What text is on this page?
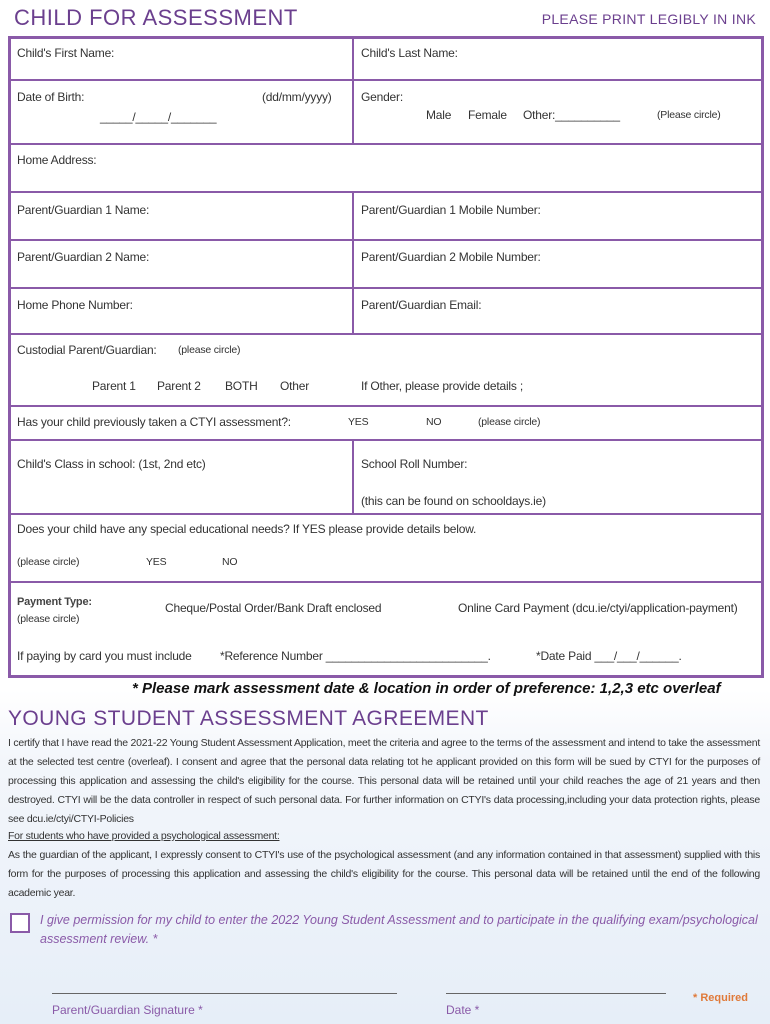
CHILD FOR ASSESSMENT	PLEASE PRINT LEGIBLY IN INK
Child's First Name:	Child's Last Name:
Date of Birth:	(dd/mm/yyyy)
_____/_____/_______
Gender:
Male Female Other:__________	(Please circle)
Home Address:
Parent/Guardian 1 Name:	Parent/Guardian 1 Mobile Number:
Parent/Guardian 2 Name:	Parent/Guardian 2 Mobile Number:
Home Phone Number:	Parent/Guardian Email:
Custodial Parent/Guardian: (please circle)
Parent 1 Parent 2 BOTH Other	If Other, please provide details ;
Has your child previously taken a CTYI assessment?:	YES	NO	(please circle)
Child's Class in school: (1st, 2nd etc)	School Roll Number:
(this can be found on schooldays.ie)
Does your child have any special educational needs? If YES please provide details below.
(please circle)	YES	NO
Payment Type:
(please circle)
Cheque/Postal Order/Bank Draft enclosed	Online Card Payment (dcu.ie/ctyi/application-payment)
If paying by card you must include *Reference Number _________________________.	*Date Paid ___/___/______.
* Please mark assessment date & location in order of preference: 1,2,3 etc overleaf
YOUNG STUDENT ASSESSMENT AGREEMENT
I certify that I have read the 2021-22 Young Student Assessment Application, meet the criteria and agree to the terms of the assessment and intend to take the assessment at the selected test centre (overleaf). I consent and agree that the personal data relating tot he applicant provided on this form will be sued by CTYI for the purposes of processing this application and assessing the child's eligibility for the course. This personal data will be retained until your child reaches the age of 21 years and then destroyed. CTYI will be the data controller in respect of such personal data. For further information on CTYI's data processing,including your data protection rights, please see dcu.ie/ctyi/CTYI-Policies
For students who have provided a psychological assessment:
As the guardian of the applicant, I expressly consent to CTYI's use of the psychological assessment (and any information contained in that assessment) supplied with this form for the purposes of processing this application and assessing the child's eligibility for the course. This personal data will be retained until the end of the following academic year.
I give permission for my child to enter the 2022 Young Student Assessment and to participate in the qualifying exam/psychological assessment review. *
Parent/Guardian Signature *	Date *
* Required
